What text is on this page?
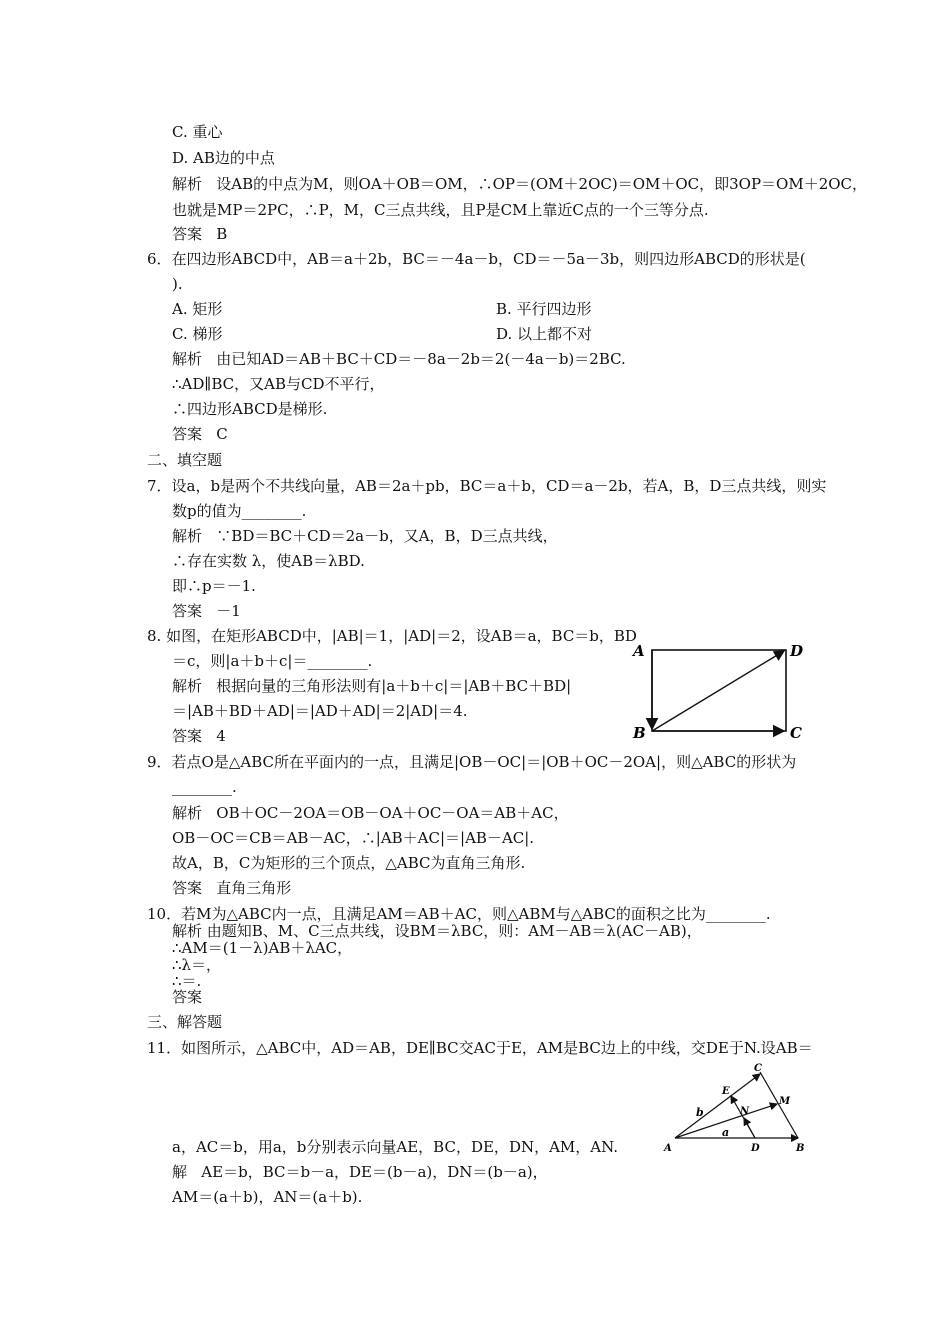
C. 重心
D. AB边的中点
解析   设AB的中点为M，则OA＋OB＝OM，∴OP＝(OM＋2OC)＝OM＋OC，即3OP＝OM＋2OC，
也就是MP＝2PC，∴P，M，C三点共线，且P是CM上靠近C点的一个三等分点.
答案   B
6．在四边形ABCD中，AB＝a＋2b，BC＝－4a－b，CD＝－5a－3b，则四边形ABCD的形状是(
).
A. 矩形	B. 平行四边形
C. 梯形	D. 以上都不对
解析   由已知AD＝AB＋BC＋CD＝－8a－2b＝2(－4a－b)＝2BC.
∴AD∥BC，又AB与CD不平行，
∴四边形ABCD是梯形.
答案   C
二、填空题
7．设a，b是两个不共线向量，AB＝2a＋pb，BC＝a＋b，CD＝a－2b，若A，B，D三点共线，则实
数p的值为________.
解析   ∵BD＝BC＋CD＝2a－b，又A，B，D三点共线，
∴存在实数 λ，使AB＝λBD.
即∴p＝－1.
答案   －1
8. 如图，在矩形ABCD中，|AB|＝1，|AD|＝2，设AB＝a，BC＝b，BD
＝c，则|a＋b＋c|＝________.
解析   根据向量的三角形法则有|a＋b＋c|＝|AB＋BC＋BD|
＝|AB＋BD＋AD|＝|AD＋AD|＝2|AD|＝4.
答案   4
9．若点O是△ABC所在平面内的一点，且满足|OB－OC|＝|OB＋OC－2OA|，则△ABC的形状为
________.
解析   OB＋OC－2OA＝OB－OA＋OC－OA＝AB＋AC，
OB－OC＝CB＝AB－AC，∴|AB＋AC|＝|AB－AC|.
故A，B，C为矩形的三个顶点，△ABC为直角三角形.
答案   直角三角形
10．若M为△ABC内一点，且满足AM＝AB＋AC，则△ABM与△ABC的面积之比为________.
解析 由题知B、M、C三点共线，设BM＝λBC，则：AM－AB＝λ(AC－AB)，
∴AM＝(1－λ)AB＋λAC，
∴λ＝，
∴＝.
答案
三、解答题
11．如图所示，△ABC中，AD＝AB，DE∥BC交AC于E，AM是BC边上的中线，交DE于N.设AB＝
a，AC＝b，用a，b分别表示向量AE，BC，DE，DN，AM，AN.
解   AE＝b，BC＝b－a，DE＝(b－a)，DN＝(b－a)，
AM＝(a＋b)，AN＝(a＋b).
A
B	C
D
A	B
C
D
E
M
N
a
b
